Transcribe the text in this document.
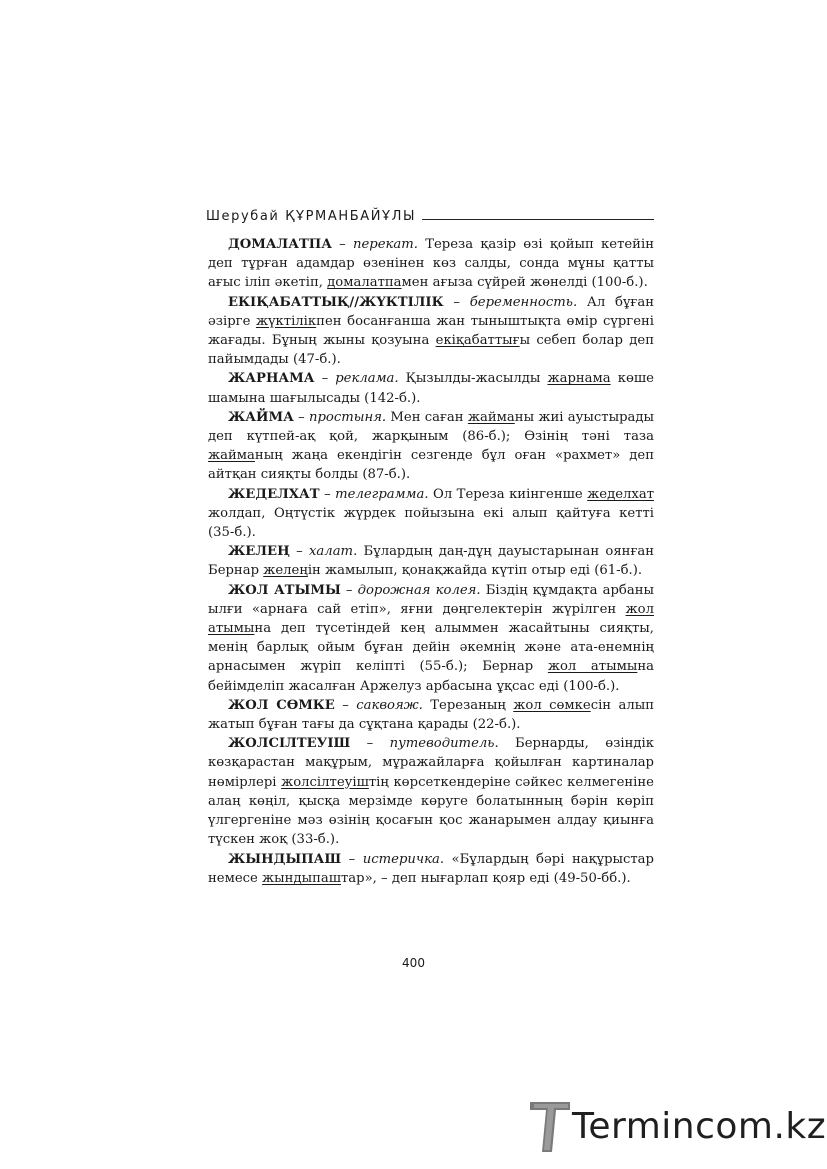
Шерубай ҚҰРМАНБАЙҰЛЫ

ДОМАЛАТПА – перекат. Тереза қазір өзі қойып кетейін деп тұрған адамдар өзенінен көз салды, сонда мұны қатты ағыс іліп әкетіп, домалатпамен ағыза сүйрей жөнелді (100-б.).

ЕКІҚАБАТТЫҚ//ЖҮКТІЛІК – беременность. Ал бұған әзірге жүктілікпен босанғанша жан тыныштықта өмір сүргені жағады. Бұның жыны қозуына екіқабаттығы себеп болар деп пайымдады (47-б.).

ЖАРНАМА – реклама. Қызылды-жасылды жарнама көше шамына шағылысады (142-б.).

ЖАЙМА – простыня. Мен саған жайманы жиі ауыстырады деп күтпей-ақ қой, жарқыным (86-б.); Өзінің тәні таза жайманың жаңа екендігін сезгенде бұл оған «рахмет» деп айтқан сияқты болды (87-б.).

ЖЕДЕЛХАТ – телеграмма. Ол Тереза киінгенше жеделхат жолдап, Оңтүстік жүрдек пойызына екі алып қайтуға кетті (35-б.).

ЖЕЛЕҢ – халат. Бұлардың даң-дұң дауыстарынан оянған Бернар желеңін жамылып, қонақжайда күтіп отыр еді (61-б.).

ЖОЛ АТЫМЫ – дорожная колея. Біздің құмдақта арбаны ылғи «арнаға сай етіп», яғни дөңгелектерін жүрілген жол атымына деп түсетіндей кең алыммен жасайтыны сияқты, менің барлық ойым бұған дейін әкемнің және ата-енемнің арнасымен жүріп келіпті (55-б.); Бернар жол атымына бейімделіп жасалған Аржелуз арбасына ұқсас еді (100-б.).

ЖОЛ СӨМКЕ – саквояж. Терезаның жол сөмкесін алып жатып бұған тағы да сұқтана қарады (22-б.).

ЖОЛСІЛТЕУІШ – путеводитель. Бернарды, өзіндік көзқарастан мақұрым, мұражайларға қойылған картиналар нөмірлері жолсілтеуіштің көрсеткендеріне сәйкес келмегеніне алаң көңіл, қысқа мерзімде көруге болатынның бәрін көріп үлгергеніне мәз өзінің қосағын қос жанарымен алдау қиынға түскен жоқ (33-б.).

ЖЫНДЫПАШ – истеричка. «Бұлардың бәрі нақұрыстар немесе жындыпаштар», – деп нығарлап қояр еді (49-50-бб.).

400
Termincom.kz
